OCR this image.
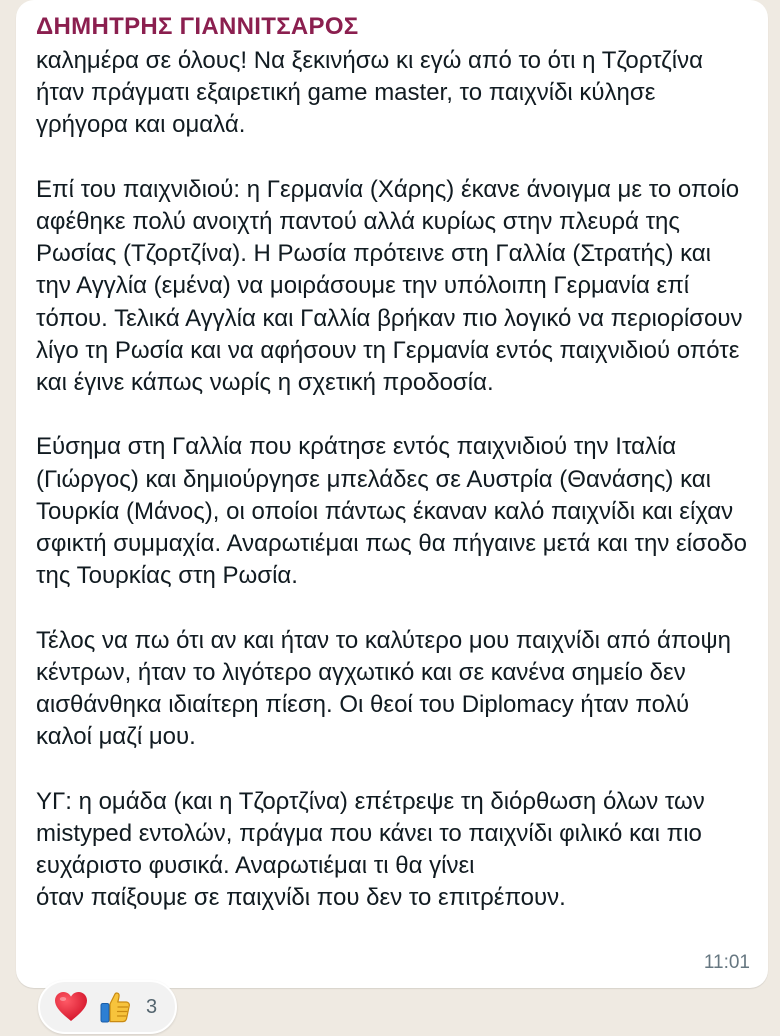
ΔΗΜΗΤΡΗΣ ΓΙΑΝΝΙΤΣΑΡΟΣ

καλημέρα σε όλους! Να ξεκινήσω κι εγώ από το ότι η Τζορτζίνα ήταν πράγματι εξαιρετική game master, το παιχνίδι κύλησε γρήγορα και ομαλά.

Επί του παιχνιδιού: η Γερμανία (Χάρης) έκανε άνοιγμα με το οποίο αφέθηκε πολύ ανοιχτή παντού αλλά κυρίως στην πλευρά της Ρωσίας (Τζορτζίνα). Η Ρωσία πρότεινε στη Γαλλία (Στρατής) και την Αγγλία (εμένα) να μοιράσουμε την υπόλοιπη Γερμανία επί τόπου. Τελικά Αγγλία και Γαλλία βρήκαν πιο λογικό να περιορίσουν λίγο τη Ρωσία και να αφήσουν τη Γερμανία εντός παιχνιδιού οπότε και έγινε κάπως νωρίς η σχετική προδοσία.

Εύσημα στη Γαλλία που κράτησε εντός παιχνιδιού την Ιταλία (Γιώργος) και δημιούργησε μπελάδες σε Αυστρία (Θανάσης) και Τουρκία (Μάνος), οι οποίοι πάντως έκαναν καλό παιχνίδι και είχαν σφικτή συμμαχία. Αναρωτιέμαι πως θα πήγαινε μετά και την είσοδο της Τουρκίας στη Ρωσία.

Τέλος να πω ότι αν και ήταν το καλύτερο μου παιχνίδι από άποψη κέντρων, ήταν το λιγότερο αγχωτικό και σε κανένα σημείο δεν αισθάνθηκα ιδιαίτερη πίεση. Οι θεοί του Diplomacy ήταν πολύ καλοί μαζί μου.

ΥΓ: η ομάδα (και η Τζορτζίνα) επέτρεψε τη διόρθωση όλων των mistyped εντολών, πράγμα που κάνει το παιχνίδι φιλικό και πιο ευχάριστο φυσικά. Αναρωτιέμαι τι θα γίνει
όταν παίξουμε σε παιχνίδι που δεν το επιτρέπουν.

11:01
3
